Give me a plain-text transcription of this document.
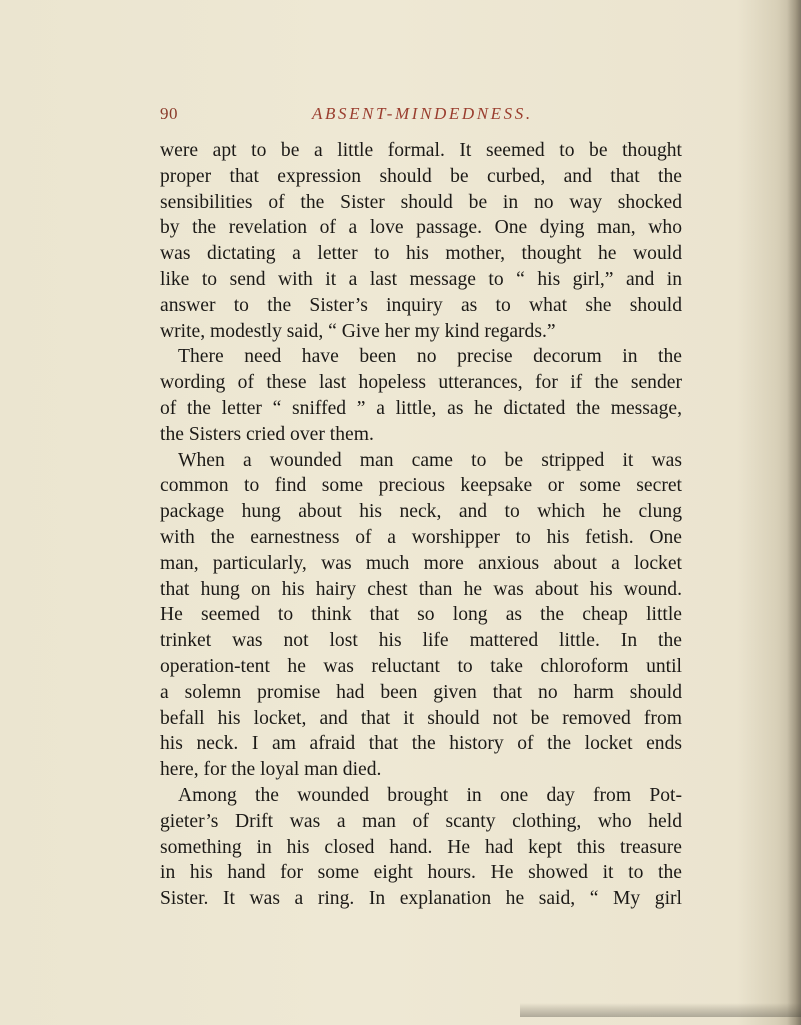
90	ABSENT-MINDEDNESS.
were apt to be a little formal. It seemed to be thought
proper that expression should be curbed, and that the
sensibilities of the Sister should be in no way shocked
by the revelation of a love passage. One dying man, who
was dictating a letter to his mother, thought he would
like to send with it a last message to “ his girl,” and in
answer to the Sister’s inquiry as to what she should
write, modestly said, “ Give her my kind regards.”
There need have been no precise decorum in the
wording of these last hopeless utterances, for if the sender
of the letter “ sniffed ” a little, as he dictated the message,
the Sisters cried over them.
When a wounded man came to be stripped it was
common to find some precious keepsake or some secret
package hung about his neck, and to which he clung
with the earnestness of a worshipper to his fetish. One
man, particularly, was much more anxious about a locket
that hung on his hairy chest than he was about his wound.
He seemed to think that so long as the cheap little
trinket was not lost his life mattered little. In the
operation-tent he was reluctant to take chloroform until
a solemn promise had been given that no harm should
befall his locket, and that it should not be removed from
his neck. I am afraid that the history of the locket ends
here, for the loyal man died.
Among the wounded brought in one day from Pot-
gieter’s Drift was a man of scanty clothing, who held
something in his closed hand. He had kept this treasure
in his hand for some eight hours. He showed it to the
Sister. It was a ring. In explanation he said, “ My girl
